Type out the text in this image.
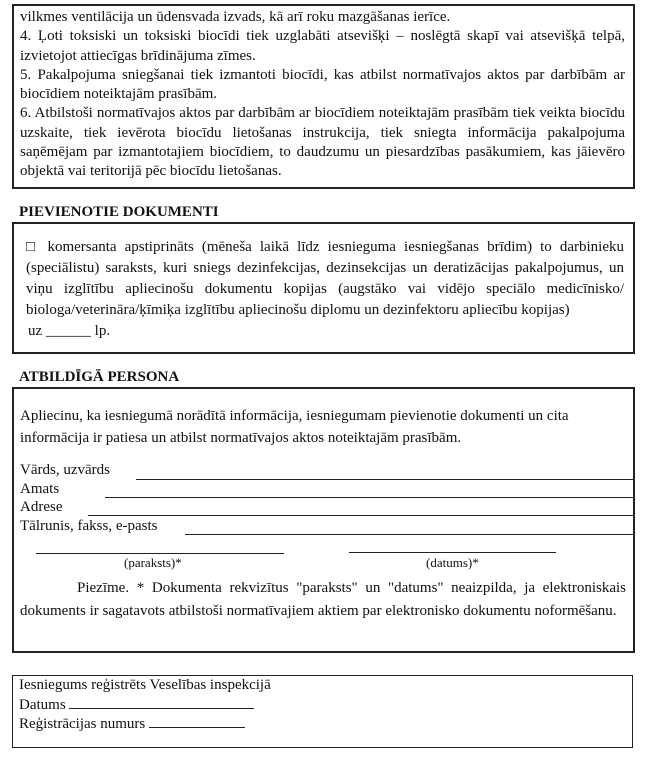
vilkmes ventilācija un ūdensvada izvads, kā arī roku mazgāšanas ierīce.

4. Ļoti toksiski un toksiski biocīdi tiek uzglabāti atsevišķi – noslēgtā skapī vai atsevišķā telpā, izvietojot attiecīgas brīdinājuma zīmes.

5. Pakalpojuma sniegšanai tiek izmantoti biocīdi, kas atbilst normatīvajos aktos par darbībām ar biocīdiem noteiktajām prasībām.

6. Atbilstoši normatīvajos aktos par darbībām ar biocīdiem noteiktajām prasībām tiek veikta biocīdu uzskaite, tiek ievērota biocīdu lietošanas instrukcija, tiek sniegta informācija pakalpojuma saņēmējam par izmantotajiem biocīdiem, to daudzumu un piesardzības pasākumiem, kas jāievēro objektā vai teritorijā pēc biocīdu lietošanas.

PIEVIENOTIE DOKUMENTI

□ komersanta apstiprināts (mēneša laikā līdz iesnieguma iesniegšanas brīdim) to darbinieku (speciālistu) saraksts, kuri sniegs dezinfekcijas, dezinsekcijas un deratizācijas pakalpojumus, un viņu izglītību apliecinošu dokumentu kopijas (augstāko vai vidējo speciālo medicīnisko/ biologa/veterinārа/ķīmiķa izglītību apliecinošu diplomu un dezinfektoru apliecību kopijas)

uz ______ lp.

ATBILDĪGĀ PERSONA

Apliecinu, ka iesniegumā norādītā informācija, iesniegumam pievienotie dokumenti un cita informācija ir patiesa un atbilst normatīvajos aktos noteiktajām prasībām.

Vārds, uzvārds
Amats
Adrese
Tālrunis, fakss, e-pasts
(paraksts)*	(datums)*

Piezīme. * Dokumenta rekvizītus "paraksts" un "datums" neaizpilda, ja elektroniskais dokuments ir sagatavots atbilstoši normatīvajiem aktiem par elektronisko dokumentu noformēšanu.

Iesniegums reģistrēts Veselības inspekcijā
Datums
Reģistrācijas numurs
